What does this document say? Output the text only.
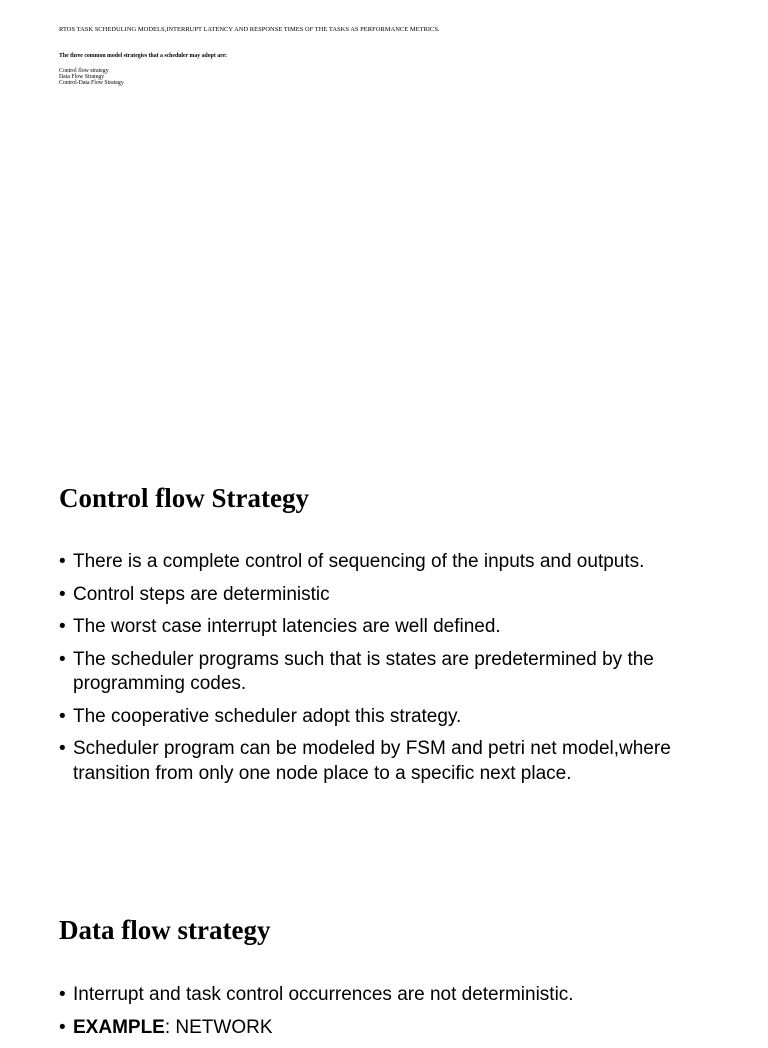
RTOS TASK SCHEDULING MODELS,INTERRUPT LATENCY AND RESPONSE TIMES OF THE TASKS AS PERFORMANCE METRICS.
The three common model strategies that a scheduler may adopt are:
Control flow strategy
Data Flow Strategy
Control-Data Flow Strategy
Control flow Strategy
• There is a complete control of sequencing of the inputs and outputs.
• Control steps are deterministic
• The worst case interrupt latencies are well defined.
• The scheduler programs such that is states are predetermined by the programming codes.
• The cooperative scheduler adopt this strategy.
• Scheduler program can be modeled by FSM and petri net model,where transition from only one node place to a specific next place.
Data flow strategy
• Interrupt and task control occurrences are not deterministic.
• EXAMPLE: NETWORK
